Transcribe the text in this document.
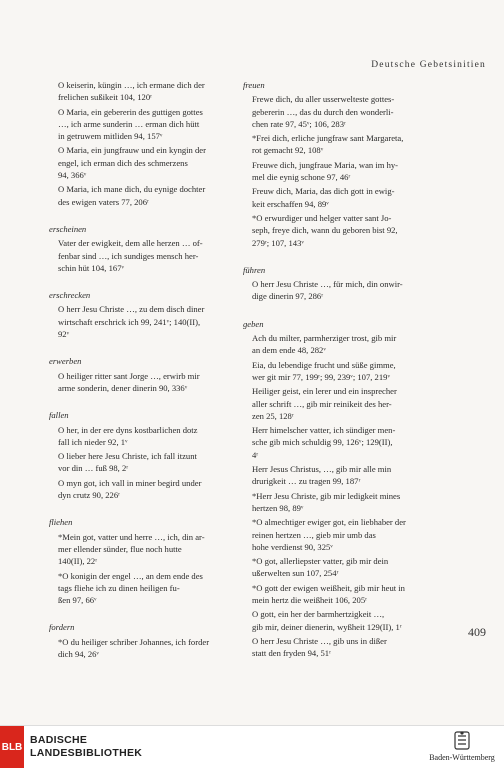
Deutsche Gebetsinitien
O keiserin, küngin …, ich ermane dich der
frelichen sußikeit 104, 120ʳ
O Maria, ein gebererin des guttigen gottes
…, ich arme sunderin … erman dich hütt
in getruwem mitliden 94, 157ᵛ
O Maria, ein jungfrauw und ein kyngin der
engel, ich erman dich des schmerzens
94, 366ᵛ
O Maria, ich mane dich, du eynige dochter
des ewigen vaters 77, 206ʳ
erscheinen
Vater der ewigkeit, dem alle herzen … of-
fenbar sind …, ich sundiges mensch her-
schin hüt 104, 167ᵛ
erschrecken
O herr Jesu Christe …, zu dem disch diner
wirtschaft erschrick ich 99, 241ᵛ; 140(II),
92ᵛ
erwerben
O heiliger ritter sant Jorge …, erwirb mir
arme sonderin, dener dinerin 90, 336ᵛ
fallen
O her, in der ere dyns kostbarlichen dotz
fall ich nieder 92, 1ᵛ
O lieber here Jesu Christe, ich fall itzunt
vor din … fuß 98, 2ʳ
O myn got, ich vall in miner begird under
dyn crutz 90, 226ʳ
fliehen
*Mein got, vatter und herre …, ich, din ar-
mer ellender sünder, flue noch hutte
140(II), 22ʳ
*O konigin der engel …, an dem ende des
tags fliehe ich zu dinen heiligen fu-
ßen 97, 66ᵛ
fordern
*O du heiliger schriber Johannes, ich forder
dich 94, 26ᵛ
freuen
Frewe dich, du aller usserwelteste gottes-
gebererin …, das du durch den wonderli-
chen rate 97, 45ᵛ; 106, 283ʳ
*Frei dich, erliche jungfraw sant Margareta,
rot gemacht 92, 108ᵛ
Freuwe dich, jungfraue Maria, wan im hy-
mel die eynig schone 97, 46ʳ
Freuw dich, Maria, das dich gott in ewig-
keit erschaffen 94, 89ᵛ
*O erwurdiger und helger vatter sant Jo-
seph, freye dich, wann du geboren bist 92,
279ʳ; 107, 143ᵛ
führen
O herr Jesu Christe …, für mich, din onwir-
dige dinerin 97, 286ʳ
geben
Ach du milter, parmherziger trost, gib mir
an dem ende 48, 282ᵛ
Eia, du lebendige frucht und süße gimme,
wer git mir 77, 199ʳ; 99, 239ᵛ; 107, 219ᵛ
Heiliger geist, ein lerer und ein insprecher
aller schrift …, gib mir reinikeit des her-
zen 25, 128ʳ
Herr himelscher vatter, ich sündiger men-
sche gib mich schuldig 99, 126ᵛ; 129(II),
4ʳ
Herr Jesus Christus, …, gib mir alle min
drurigkeit … zu tragen 99, 187ʳ
*Herr Jesu Christe, gib mir ledigkeit mines
hertzen 98, 89ᵛ
*O almechtiger ewiger got, ein liebhaber der
reinen hertzen …, gieb mir umb das
hohe verdienst 90, 325ᵛ
*O got, allerliepster vatter, gib mir dein
ußerwelten sun 107, 254ʳ
*O gott der ewigen weißheit, gib mir heut in
mein hertz die weißheit 106, 205ʳ
O gott, ein her der barmhertzigkeit …,
gib mir, deiner dienerin, wyßheit 129(II), 1ʳ
O herr Jesu Christe …, gib uns in dißer
statt den fryden 94, 51ʳ
409
BLB
BADISCHE
LANDESBIBLIOTHEK	Baden-Württemberg
